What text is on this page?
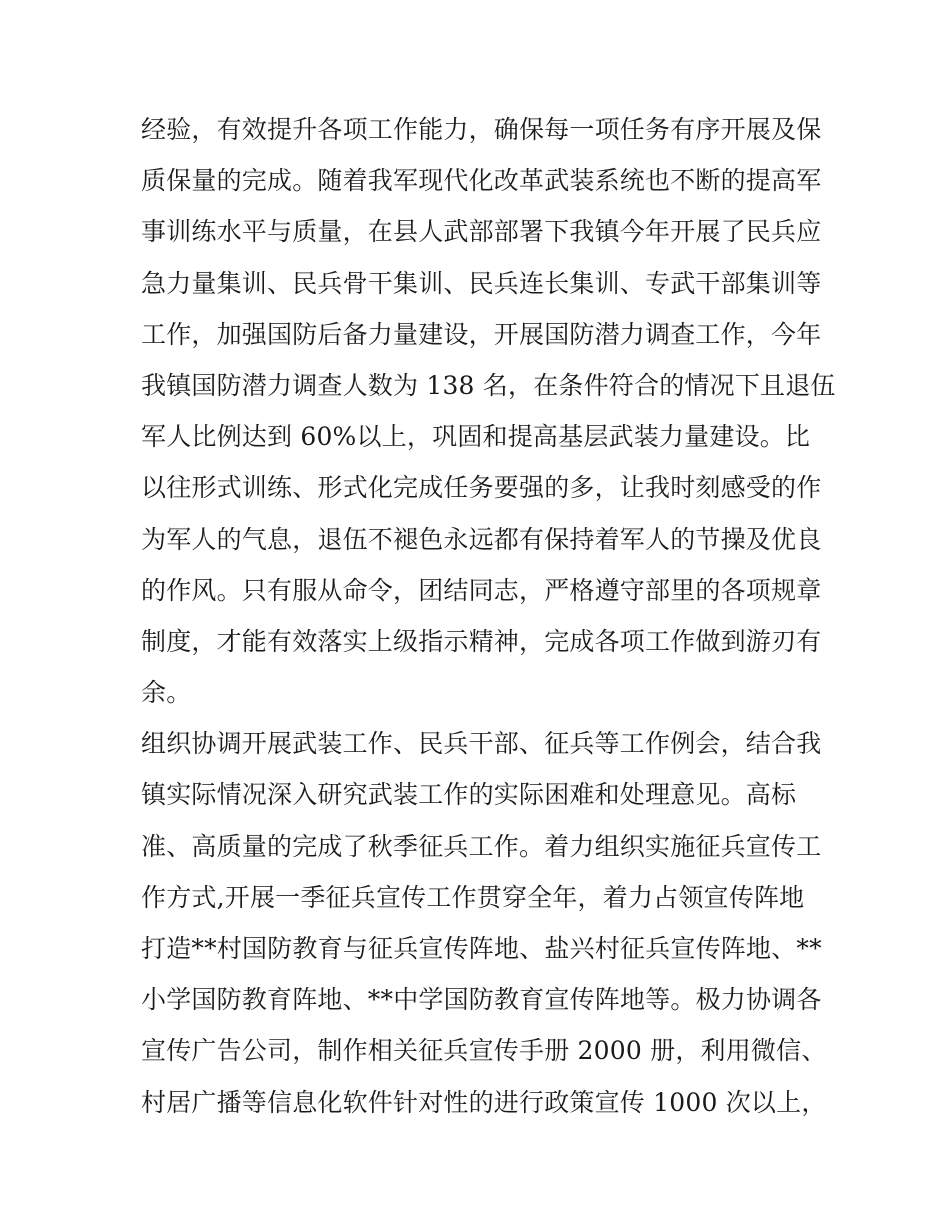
经验，有效提升各项工作能力，确保每一项任务有序开展及保
质保量的完成。随着我军现代化改革武装系统也不断的提高军
事训练水平与质量，在县人武部部署下我镇今年开展了民兵应
急力量集训、民兵骨干集训、民兵连长集训、专武干部集训等
工作，加强国防后备力量建设，开展国防潜力调查工作，今年
我镇国防潜力调查人数为 138 名，在条件符合的情况下且退伍
军人比例达到 60%以上，巩固和提高基层武装力量建设。比
以往形式训练、形式化完成任务要强的多，让我时刻感受的作
为军人的气息，退伍不褪色永远都有保持着军人的节操及优良
的作风。只有服从命令，团结同志，严格遵守部里的各项规章
制度，才能有效落实上级指示精神，完成各项工作做到游刃有
余。
组织协调开展武装工作、民兵干部、征兵等工作例会，结合我
镇实际情况深入研究武装工作的实际困难和处理意见。高标
准、高质量的完成了秋季征兵工作。着力组织实施征兵宣传工
作方式,开展一季征兵宣传工作贯穿全年，着力占领宣传阵地
打造**村国防教育与征兵宣传阵地、盐兴村征兵宣传阵地、**
小学国防教育阵地、**中学国防教育宣传阵地等。极力协调各
宣传广告公司，制作相关征兵宣传手册 2000 册，利用微信、
村居广播等信息化软件针对性的进行政策宣传 1000 次以上，
